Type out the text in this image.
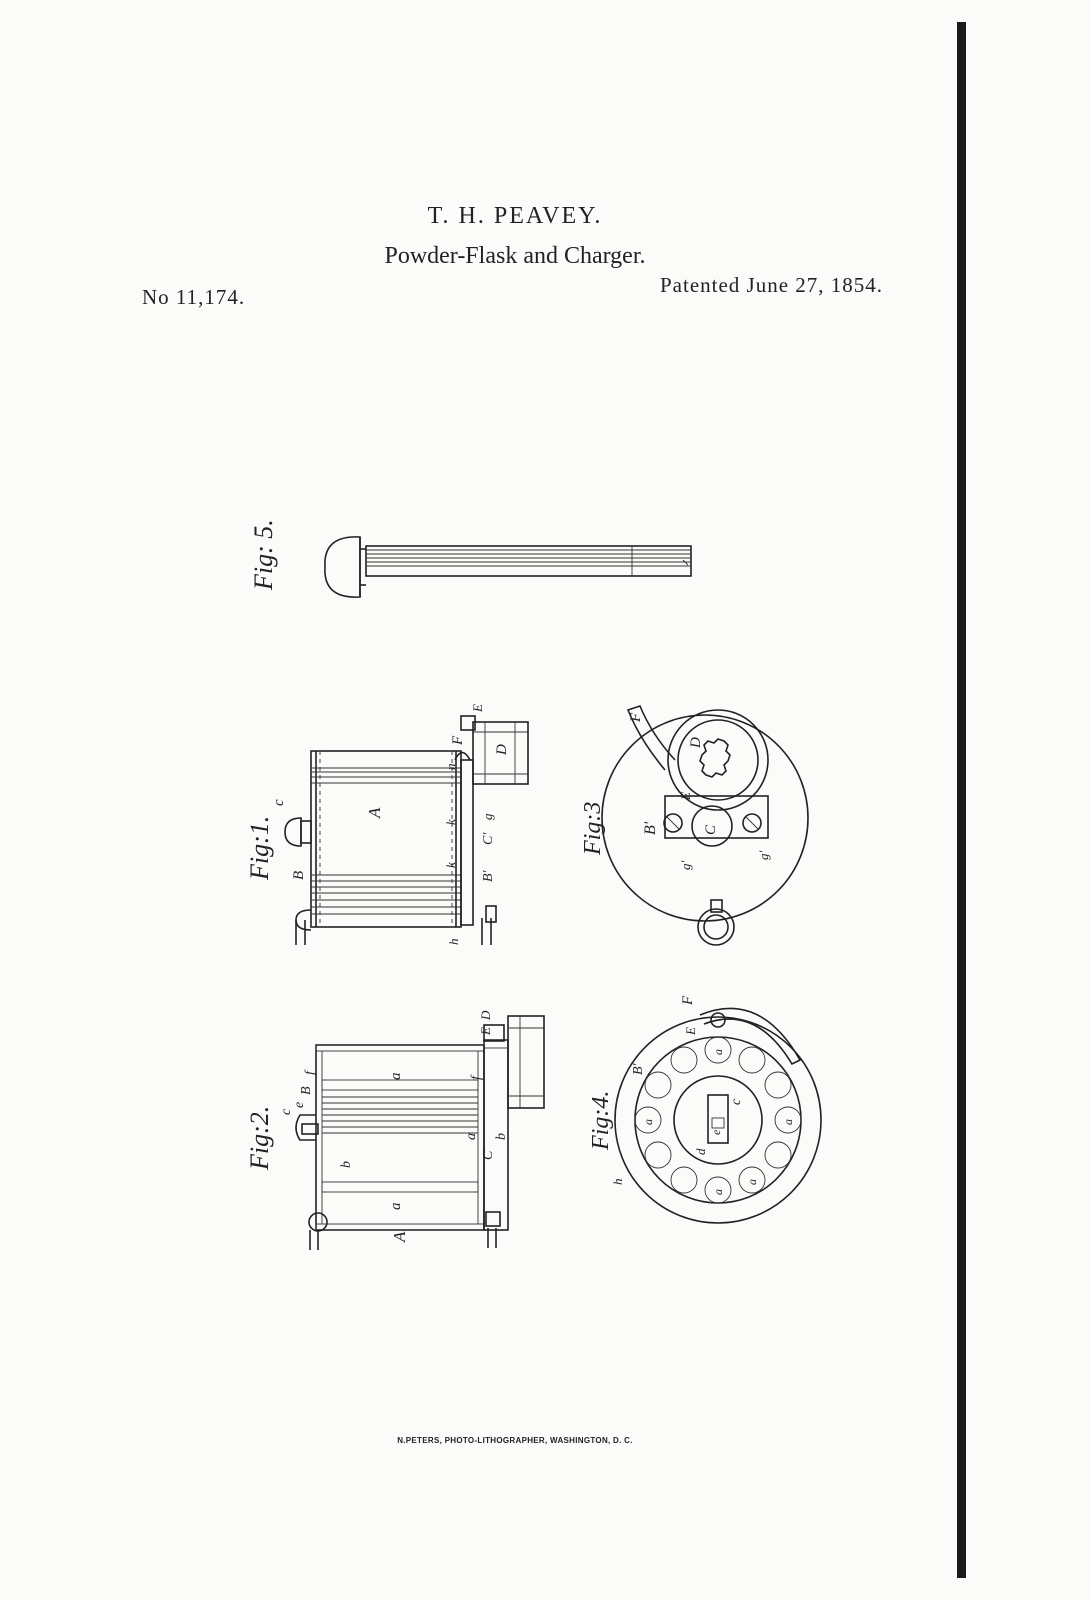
T. H. PEAVEY.
Powder-Flask and Charger.
No 11,174.	Patented June 27, 1854.
N.PETERS, PHOTO-LITHOGRAPHER, WASHINGTON, D. C.
Fig: 5.
Fig:1.
c
B
A
F
E
D
n
k
k
B'
C'
g
h
Fig:3
F
D
E
B'	C
g'
g'
Fig:2. c
e
B
f
E
D
a	f
a
b
C
b
a
A
Fig:4.
F
E
B'
a
a
a
a
a
d
e
c
h
